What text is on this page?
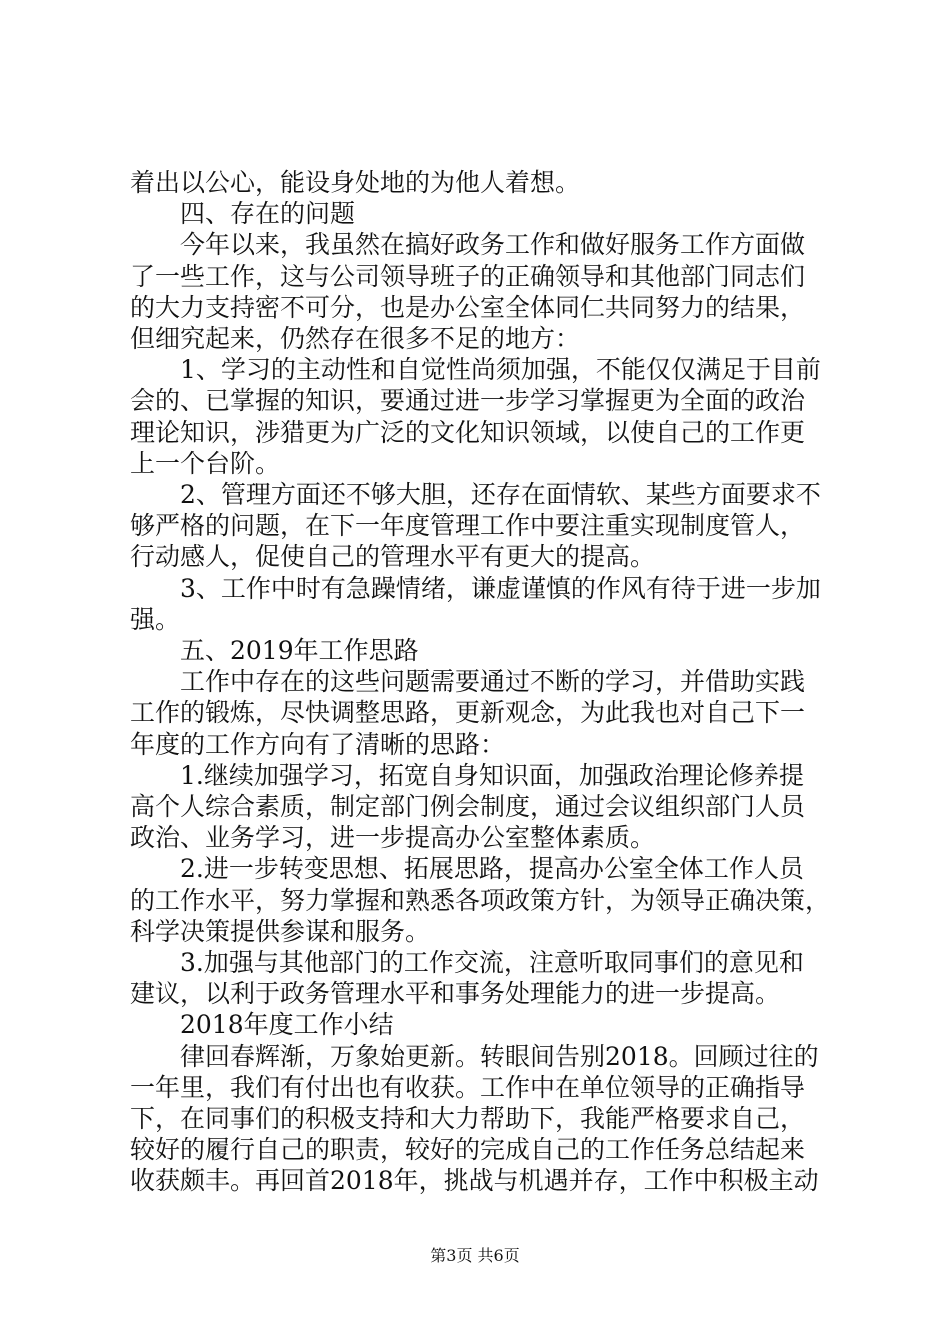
着出以公心，能设身处地的为他人着想。
四、存在的问题
今年以来，我虽然在搞好政务工作和做好服务工作方面做
了一些工作，这与公司领导班子的正确领导和其他部门同志们
的大力支持密不可分，也是办公室全体同仁共同努力的结果，
但细究起来，仍然存在很多不足的地方：
1、学习的主动性和自觉性尚须加强，不能仅仅满足于目前
会的、已掌握的知识，要通过进一步学习掌握更为全面的政治
理论知识，涉猎更为广泛的文化知识领域，以使自己的工作更
上一个台阶。
2、管理方面还不够大胆，还存在面情软、某些方面要求不
够严格的问题，在下一年度管理工作中要注重实现制度管人，
行动感人，促使自己的管理水平有更大的提高。
3、工作中时有急躁情绪，谦虚谨慎的作风有待于进一步加
强。
五、2019年工作思路
工作中存在的这些问题需要通过不断的学习，并借助实践
工作的锻炼，尽快调整思路，更新观念，为此我也对自己下一
年度的工作方向有了清晰的思路：
1.继续加强学习，拓宽自身知识面，加强政治理论修养提
高个人综合素质，制定部门例会制度，通过会议组织部门人员
政治、业务学习，进一步提高办公室整体素质。
2.进一步转变思想、拓展思路，提高办公室全体工作人员
的工作水平，努力掌握和熟悉各项政策方针，为领导正确决策，
科学决策提供参谋和服务。
3.加强与其他部门的工作交流，注意听取同事们的意见和
建议，以利于政务管理水平和事务处理能力的进一步提高。
2018年度工作小结
律回春辉渐，万象始更新。转眼间告别2018。回顾过往的
一年里，我们有付出也有收获。工作中在单位领导的正确指导
下，在同事们的积极支持和大力帮助下，我能严格要求自己，
较好的履行自己的职责，较好的完成自己的工作任务总结起来
收获颇丰。再回首2018年，挑战与机遇并存，工作中积极主动
第3页 共6页
